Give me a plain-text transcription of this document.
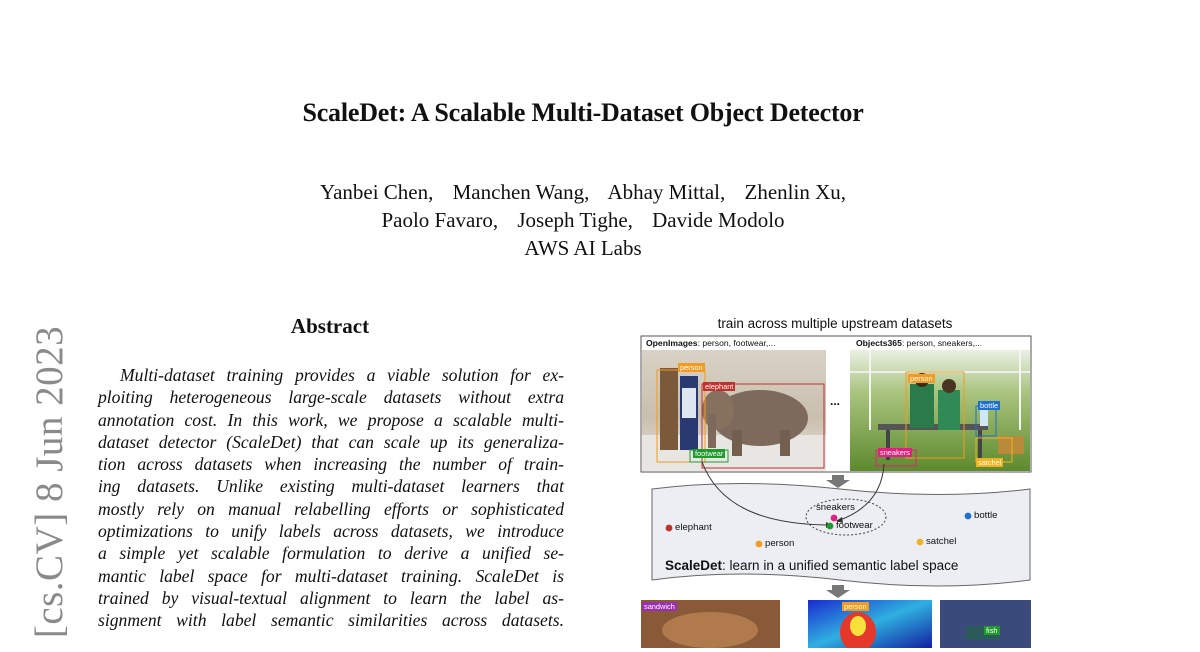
ScaleDet: A Scalable Multi-Dataset Object Detector
Yanbei Chen, Manchen Wang, Abhay Mittal, Zhenlin Xu,
Paolo Favaro, Joseph Tighe, Davide Modolo
AWS AI Labs
[cs.CV] 8 Jun 2023	Abstract
Multi-dataset training provides a viable solution for ex-
ploiting heterogeneous large-scale datasets without extra
annotation cost. In this work, we propose a scalable multi-
dataset detector (ScaleDet) that can scale up its generaliza-
tion across datasets when increasing the number of train-
ing datasets. Unlike existing multi-dataset learners that
mostly rely on manual relabelling efforts or sophisticated
optimizations to unify labels across datasets, we introduce
a simple yet scalable formulation to derive a unified se-
mantic label space for multi-dataset training. ScaleDet is
trained by visual-textual alignment to learn the label as-
signment with label semantic similarities across datasets.
train across multiple upstream datasets
OpenImages: person, footwear,...	Objects365: person, sneakers,...
...
person
elephant
footwear
person
bottle
sneakers
satchel
elephant
person
sneakers
footwear
bottle
satchel
ScaleDet: learn in a unified semantic label space
sandwich	person
fish
